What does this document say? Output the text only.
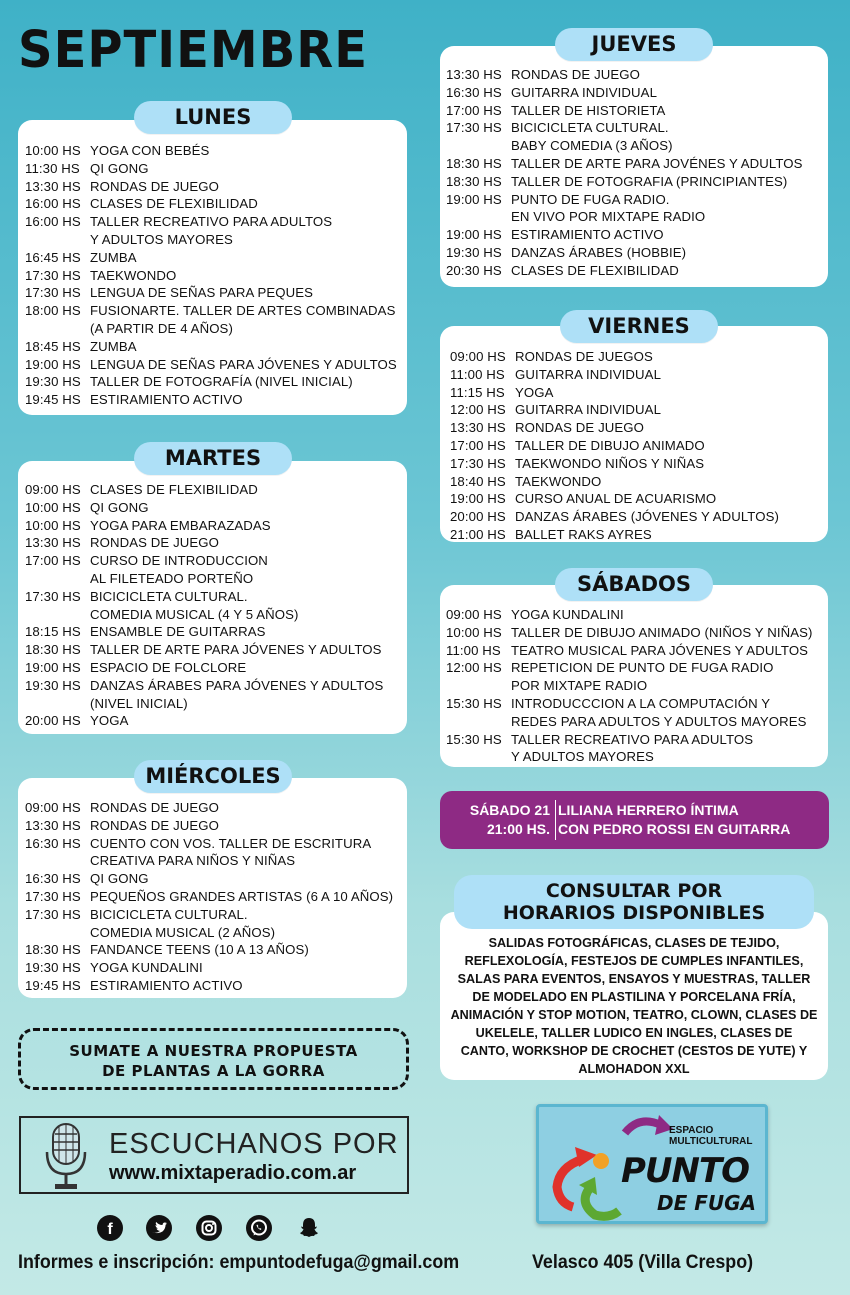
SEPTIEMBRE
LUNES
10:00 HS YOGA CON BEBÉS
11:30 HS QI GONG
13:30 HS RONDAS DE JUEGO
16:00 HS CLASES DE FLEXIBILIDAD
16:00 HS TALLER RECREATIVO PARA ADULTOS
Y ADULTOS MAYORES
16:45 HS ZUMBA
17:30 HS TAEKWONDO
17:30 HS LENGUA DE SEÑAS PARA PEQUES
18:00 HS FUSIONARTE. TALLER DE ARTES COMBINADAS
(A PARTIR DE 4 AÑOS)
18:45 HS ZUMBA
19:00 HS LENGUA DE SEÑAS PARA JÓVENES Y ADULTOS
19:30 HS TALLER DE FOTOGRAFÍA (NIVEL INICIAL)
19:45 HS ESTIRAMIENTO ACTIVO
MARTES
09:00 HS CLASES DE FLEXIBILIDAD
10:00 HS QI GONG
10:00 HS YOGA PARA EMBARAZADAS
13:30 HS RONDAS DE JUEGO
17:00 HS CURSO DE INTRODUCCION
AL FILETEADO PORTEÑO
17:30 HS BICICICLETA CULTURAL.
COMEDIA MUSICAL (4 Y 5 AÑOS)
18:15 HS ENSAMBLE DE GUITARRAS
18:30 HS TALLER DE ARTE PARA JÓVENES Y ADULTOS
19:00 HS ESPACIO DE FOLCLORE
19:30 HS DANZAS ÁRABES PARA JÓVENES Y ADULTOS
(NIVEL INICIAL)
20:00 HS YOGA
MIÉRCOLES
09:00 HS RONDAS DE JUEGO
13:30 HS RONDAS DE JUEGO
16:30 HS CUENTO CON VOS. TALLER DE ESCRITURA
CREATIVA PARA NIÑOS Y NIÑAS
16:30 HS QI GONG
17:30 HS PEQUEÑOS GRANDES ARTISTAS (6 A 10 AÑOS)
17:30 HS BICICICLETA CULTURAL.
COMEDIA MUSICAL (2 AÑOS)
18:30 HS FANDANCE TEENS (10 A 13 AÑOS)
19:30 HS YOGA KUNDALINI
19:45 HS ESTIRAMIENTO ACTIVO
JUEVES
13:30 HS RONDAS DE JUEGO
16:30 HS GUITARRA INDIVIDUAL
17:00 HS TALLER DE HISTORIETA
17:30 HS BICICICLETA CULTURAL.
BABY COMEDIA (3 AÑOS)
18:30 HS TALLER DE ARTE PARA JOVÉNES Y ADULTOS
18:30 HS TALLER DE FOTOGRAFIA (PRINCIPIANTES)
19:00 HS PUNTO DE FUGA RADIO.
EN VIVO POR MIXTAPE RADIO
19:00 HS ESTIRAMIENTO ACTIVO
19:30 HS DANZAS ÁRABES (HOBBIE)
20:30 HS CLASES DE FLEXIBILIDAD
VIERNES
09:00 HS RONDAS DE JUEGOS
11:00 HS GUITARRA INDIVIDUAL
11:15 HS YOGA
12:00 HS GUITARRA INDIVIDUAL
13:30 HS RONDAS DE JUEGO
17:00 HS TALLER DE DIBUJO ANIMADO
17:30 HS TAEKWONDO NIÑOS Y NIÑAS
18:40 HS TAEKWONDO
19:00 HS CURSO ANUAL DE ACUARISMO
20:00 HS DANZAS ÁRABES (JÓVENES Y ADULTOS)
21:00 HS BALLET RAKS AYRES
SÁBADOS
09:00 HS YOGA KUNDALINI
10:00 HS TALLER DE DIBUJO ANIMADO (NIÑOS Y NIÑAS)
11:00 HS TEATRO MUSICAL PARA JÓVENES Y ADULTOS
12:00 HS REPETICION DE PUNTO DE FUGA RADIO
POR MIXTAPE RADIO
15:30 HS INTRODUCCCION A LA COMPUTACIÓN Y
REDES PARA ADULTOS Y ADULTOS MAYORES
15:30 HS TALLER RECREATIVO PARA ADULTOS
Y ADULTOS MAYORES
SÁBADO 21
21:00 HS.
LILIANA HERRERO ÍNTIMA
CON PEDRO ROSSI EN GUITARRA
SALIDAS FOTOGRÁFICAS, CLASES DE TEJIDO, REFLEXOLOGÍA, FESTEJOS DE CUMPLES INFANTILES, SALAS PARA EVENTOS, ENSAYOS Y MUESTRAS, TALLER DE MODELADO EN PLASTILINA Y PORCELANA FRÍA, ANIMACIÓN Y STOP MOTION, TEATRO, CLOWN, CLASES DE UKELELE, TALLER LUDICO EN INGLES, CLASES DE CANTO, WORKSHOP DE CROCHET (CESTOS DE YUTE) Y ALMOHADON XXL
CONSULTAR POR
HORARIOS DISPONIBLES
SUMATE A NUESTRA PROPUESTA
DE PLANTAS A LA GORRA
ESCUCHANOS POR
www.mixtaperadio.com.ar
f
Informes e inscripción: empuntodefuga@gmail.com	Velasco 405 (Villa Crespo)
ESPACIO
MULTICULTURAL
PUNTO
DE FUGA
